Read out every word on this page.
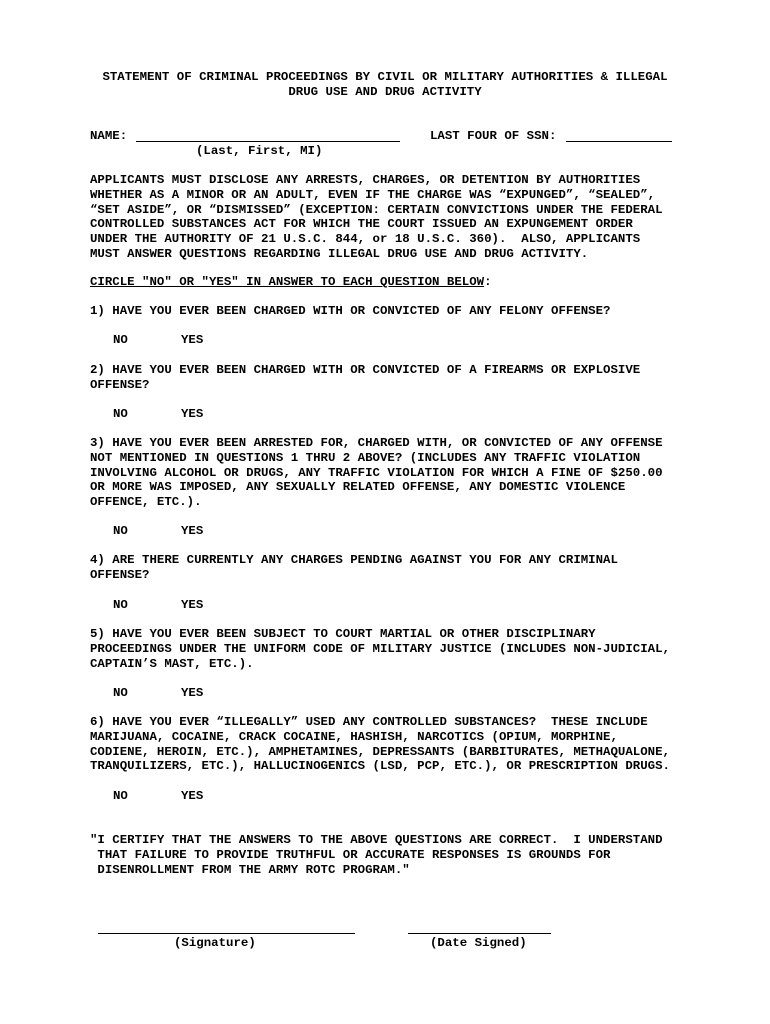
STATEMENT OF CRIMINAL PROCEEDINGS BY CIVIL OR MILITARY AUTHORITIES & ILLEGAL
DRUG USE AND DRUG ACTIVITY
NAME:
(Last, First, MI)
LAST FOUR OF SSN:
APPLICANTS MUST DISCLOSE ANY ARRESTS, CHARGES, OR DETENTION BY AUTHORITIES
WHETHER AS A MINOR OR AN ADULT, EVEN IF THE CHARGE WAS “EXPUNGED”, “SEALED”,
“SET ASIDE”, OR “DISMISSED” (EXCEPTION: CERTAIN CONVICTIONS UNDER THE FEDERAL
CONTROLLED SUBSTANCES ACT FOR WHICH THE COURT ISSUED AN EXPUNGEMENT ORDER
UNDER THE AUTHORITY OF 21 U.S.C. 844, or 18 U.S.C. 360).  ALSO, APPLICANTS
MUST ANSWER QUESTIONS REGARDING ILLEGAL DRUG USE AND DRUG ACTIVITY.
CIRCLE "NO" OR "YES" IN ANSWER TO EACH QUESTION BELOW:
1) HAVE YOU EVER BEEN CHARGED WITH OR CONVICTED OF ANY FELONY OFFENSE?
NO	YES
2) HAVE YOU EVER BEEN CHARGED WITH OR CONVICTED OF A FIREARMS OR EXPLOSIVE
OFFENSE?
NO	YES
3) HAVE YOU EVER BEEN ARRESTED FOR, CHARGED WITH, OR CONVICTED OF ANY OFFENSE
NOT MENTIONED IN QUESTIONS 1 THRU 2 ABOVE? (INCLUDES ANY TRAFFIC VIOLATION
INVOLVING ALCOHOL OR DRUGS, ANY TRAFFIC VIOLATION FOR WHICH A FINE OF $250.00
OR MORE WAS IMPOSED, ANY SEXUALLY RELATED OFFENSE, ANY DOMESTIC VIOLENCE
OFFENCE, ETC.).
NO	YES
4) ARE THERE CURRENTLY ANY CHARGES PENDING AGAINST YOU FOR ANY CRIMINAL
OFFENSE?
NO	YES
5) HAVE YOU EVER BEEN SUBJECT TO COURT MARTIAL OR OTHER DISCIPLINARY
PROCEEDINGS UNDER THE UNIFORM CODE OF MILITARY JUSTICE (INCLUDES NON-JUDICIAL,
CAPTAIN’S MAST, ETC.).
NO	YES
6) HAVE YOU EVER “ILLEGALLY” USED ANY CONTROLLED SUBSTANCES?  THESE INCLUDE
MARIJUANA, COCAINE, CRACK COCAINE, HASHISH, NARCOTICS (OPIUM, MORPHINE,
CODIENE, HEROIN, ETC.), AMPHETAMINES, DEPRESSANTS (BARBITURATES, METHAQUALONE,
TRANQUILIZERS, ETC.), HALLUCINOGENICS (LSD, PCP, ETC.), OR PRESCRIPTION DRUGS.
NO	YES
"I CERTIFY THAT THE ANSWERS TO THE ABOVE QUESTIONS ARE CORRECT.  I UNDERSTAND
THAT FAILURE TO PROVIDE TRUTHFUL OR ACCURATE RESPONSES IS GROUNDS FOR
DISENROLLMENT FROM THE ARMY ROTC PROGRAM."
(Signature)	(Date Signed)
